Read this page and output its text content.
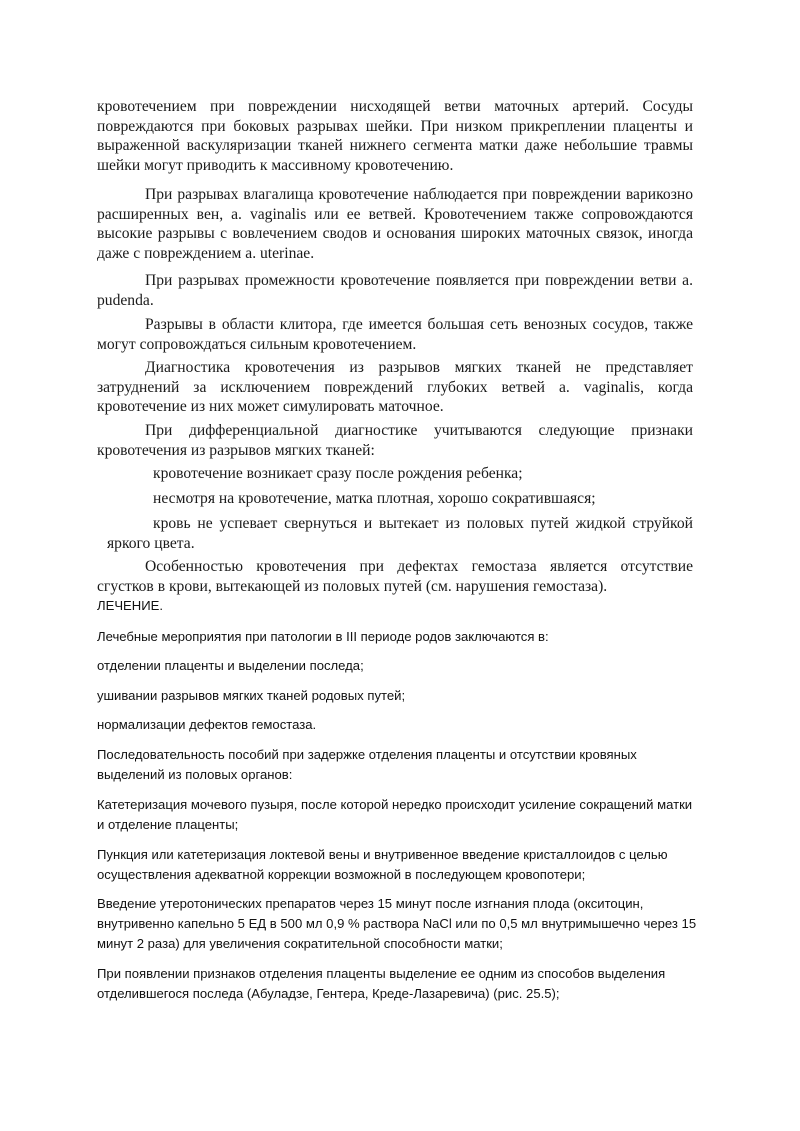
кровотечением при повреждении нисходящей ветви маточных артерий. Сосуды повреждаются при боковых разрывах шейки. При низком прикреплении плаценты и выраженной васкуляризации тканей нижнего сегмента матки даже небольшие травмы шейки могут приводить к массивному кровотечению.

При разрывах влагалища кровотечение наблюдается при повреждении варикозно расширенных вен, a. vaginalis или ее ветвей. Кровотечением также сопровождаются высокие разрывы с вовлечением сводов и основания широких маточных связок, иногда даже с повреждением a. uterinae.

При разрывах промежности кровотечение появляется при повреждении ветви a. pudenda.

Разрывы в области клитора, где имеется большая сеть венозных сосудов, также могут сопровождаться сильным кровотечением.

Диагностика кровотечения из разрывов мягких тканей не представляет затруднений за исключением повреждений глубоких ветвей a. vaginalis, когда кровотечение из них может симулировать маточное.

При дифференциальной диагностике учитываются следующие признаки кровотечения из разрывов мягких тканей:

кровотечение возникает сразу после рождения ребенка;

несмотря на кровотечение, матка плотная, хорошо сократившаяся;

кровь не успевает свернуться и вытекает из половых путей жидкой струйкой яркого цвета.

Особенностью кровотечения при дефектах гемостаза является отсутствие сгустков в крови, вытекающей из половых путей (см. нарушения гемостаза).

ЛЕЧЕНИЕ.

Лечебные мероприятия при патологии в III периоде родов заключаются в:

отделении плаценты и выделении последа;

ушивании разрывов мягких тканей родовых путей;

нормализации дефектов гемостаза.

Последовательность пособий при задержке отделения плаценты и отсутствии кровяных выделений из половых органов:

Катетеризация мочевого пузыря, после которой нередко происходит усиление сокращений матки и отделение плаценты;

Пункция или катетеризация локтевой вены и внутривенное введение кристаллоидов с целью осуществления адекватной коррекции возможной в последующем кровопотери;

Введение утеротонических препаратов через 15 минут после изгнания плода (окситоцин, внутривенно капельно 5 ЕД в 500 мл 0,9 % раствора NaCl или по 0,5 мл внутримышечно через 15 минут 2 раза) для увеличения сократительной способности матки;

При появлении признаков отделения плаценты выделение ее одним из способов выделения отделившегося последа (Абуладзе, Гентера, Креде-Лазаревича) (рис. 25.5);
